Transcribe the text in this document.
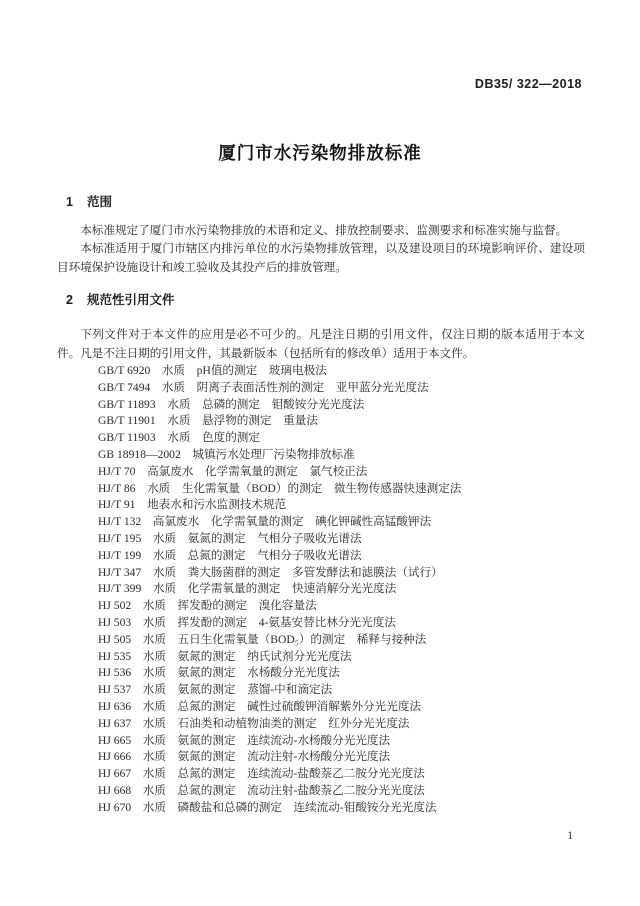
DB35/ 322—2018
厦门市水污染物排放标准
1 范围

本标准规定了厦门市水污染物排放的术语和定义、排放控制要求、监测要求和标准实施与监督。

本标准适用于厦门市辖区内排污单位的水污染物排放管理，以及建设项目的环境影响评价、建设项目环境保护设施设计和竣工验收及其投产后的排放管理。

2 规范性引用文件

下列文件对于本文件的应用是必不可少的。凡是注日期的引用文件，仅注日期的版本适用于本文件。凡是不注日期的引用文件，其最新版本（包括所有的修改单）适用于本文件。

GB/T 6920　水质　pH值的测定　玻璃电极法
GB/T 7494　水质　阴离子表面活性剂的测定　亚甲蓝分光光度法
GB/T 11893　水质　总磷的测定　钼酸铵分光光度法
GB/T 11901　水质　悬浮物的测定　重量法
GB/T 11903　水质　色度的测定
GB 18918—2002　城镇污水处理厂污染物排放标准
HJ/T 70　高氯废水　化学需氧量的测定　氯气校正法
HJ/T 86　水质　生化需氧量（BOD）的测定　微生物传感器快速测定法
HJ/T 91　地表水和污水监测技术规范
HJ/T 132　高氯废水　化学需氧量的测定　碘化钾碱性高锰酸钾法
HJ/T 195　水质　氨氮的测定　气相分子吸收光谱法
HJ/T 199　水质　总氮的测定　气相分子吸收光谱法
HJ/T 347　水质　粪大肠菌群的测定　多管发酵法和滤膜法（试行）
HJ/T 399　水质　化学需氧量的测定　快速消解分光光度法
HJ 502　水质　挥发酚的测定　溴化容量法
HJ 503　水质　挥发酚的测定　4-氨基安替比林分光光度法
HJ 505　水质　五日生化需氧量（BOD₅）的测定　稀释与接种法
HJ 535　水质　氨氮的测定　纳氏试剂分光光度法
HJ 536　水质　氨氮的测定　水杨酸分光光度法
HJ 537　水质　氨氮的测定　蒸馏-中和滴定法
HJ 636　水质　总氮的测定　碱性过硫酸钾消解紫外分光光度法
HJ 637　水质　石油类和动植物油类的测定　红外分光光度法
HJ 665　水质　氨氮的测定　连续流动-水杨酸分光光度法
HJ 666　水质　氨氮的测定　流动注射-水杨酸分光光度法
HJ 667　水质　总氮的测定　连续流动-盐酸萘乙二胺分光光度法
HJ 668　水质　总氮的测定　流动注射-盐酸萘乙二胺分光光度法
HJ 670　水质　磷酸盐和总磷的测定　连续流动-钼酸铵分光光度法
1
